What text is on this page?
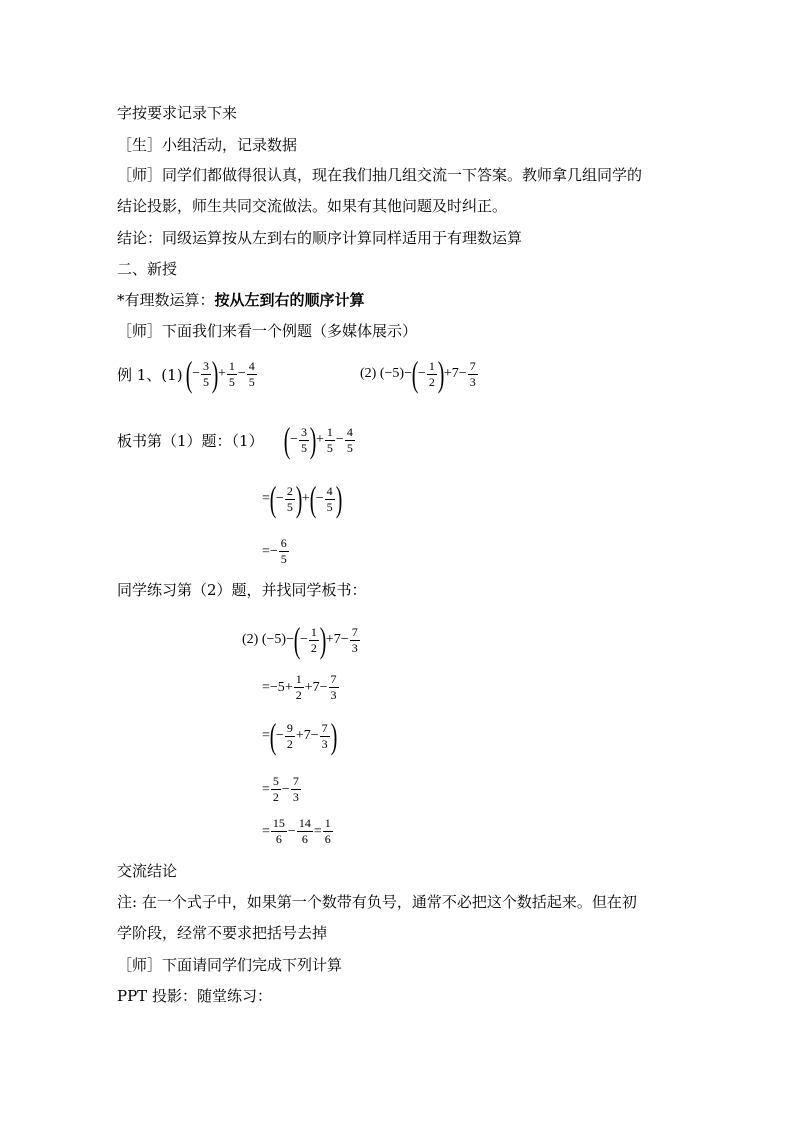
字按要求记录下来
［生］小组活动，记录数据
［师］同学们都做得很认真，现在我们抽几组交流一下答案。教师拿几组同学的
结论投影，师生共同交流做法。如果有其他问题及时纠正。
结论：同级运算按从左到右的顺序计算同样适用于有理数运算
二、新授
*有理数运算：按从左到右的顺序计算
［师］下面我们来看一个例题（多媒体展示）
例 1、(1) (− $\frac{3}{5}$ )+ $\frac{1}{5} - \frac{4}{5}$	(2) $(-5)-(- \frac{1}{2} )+7- \frac{7}{3}$
板书第（1）题：（1） (− $\frac{3}{5}$ )+ $\frac{1}{5} - \frac{4}{5}$
=(− $\frac{2}{5}$ )+(− $\frac{4}{5}$ )
=− $\frac{6}{5}$
同学练习第（2）题，并找同学板书：
(2) $(-5)-(- \frac{1}{2} )+7- \frac{7}{3}$
$=-5+ \frac{1}{2} +7- \frac{7}{3}$
=(− $\frac{9}{2} +7- \frac{7}{3}$ )
= $\frac{5}{2} - \frac{7}{3}$
= $\frac{15}{6} - \frac{14}{6} = \frac{1}{6}$
交流结论
注: 在一个式子中，如果第一个数带有负号，通常不必把这个数括起来。但在初
学阶段，经常不要求把括号去掉
［师］下面请同学们完成下列计算
PPT 投影：随堂练习：
